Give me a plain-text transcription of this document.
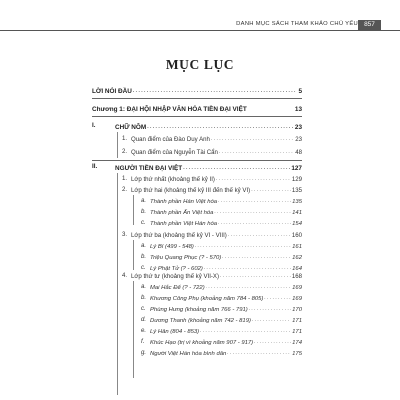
DANH MỤC SÁCH THAM KHẢO CHỦ YẾU 857
MỤC LỤC
LỜI NÓI ĐẦU . . .	5
Chương 1: ĐẠI HỘI NHẬP VĂN HÓA TIỀN ĐẠI VIỆT	13
I.	CHỮ NÔM . . .	23
1. Quan điểm của Đào Duy Anh . . .	23
2. Quan điểm của Nguyễn Tài Cẩn . . .	48
II.	NGƯỜI TIỀN ĐẠI VIỆT . . .	127
1. Lớp thứ nhất (khoảng thế kỷ II) . . .	129
2. Lớp thứ hai (khoảng thế kỷ III đến thế kỷ VI) . . .	135
a. Thành phần Hán Việt hóa . . .	135
b. Thành phần Ấn Việt hóa . . .	141
c. Thành phần Việt Hán hóa . . .	154
3. Lớp thứ ba (khoảng thế kỷ VI - VIII) . . .	160
a. Lý Bí (499 - 548) . . .	161
b. Triệu Quang Phục (? - 570) . . .	162
c. Lý Phật Tử (? - 602) . . .	164
4. Lớp thứ tư (khoảng thế kỷ VII-X) . . .	168
a. Mai Hắc Đế (? - 722) . . .	169
b. Khương Công Phụ (khoảng năm 784 - 805) . . .	169
c. Phùng Hưng (khoảng năm 766 - 791) . . .	170
d. Dương Thanh (khoảng năm 742 - 819) . . .	171
e. Lý Hân (804 - 853) . . .	171
f. Khúc Hạo (trị vì khoảng năm 907 - 917) . . .	174
g. Người Việt Hán hóa bình dân . . .	175
